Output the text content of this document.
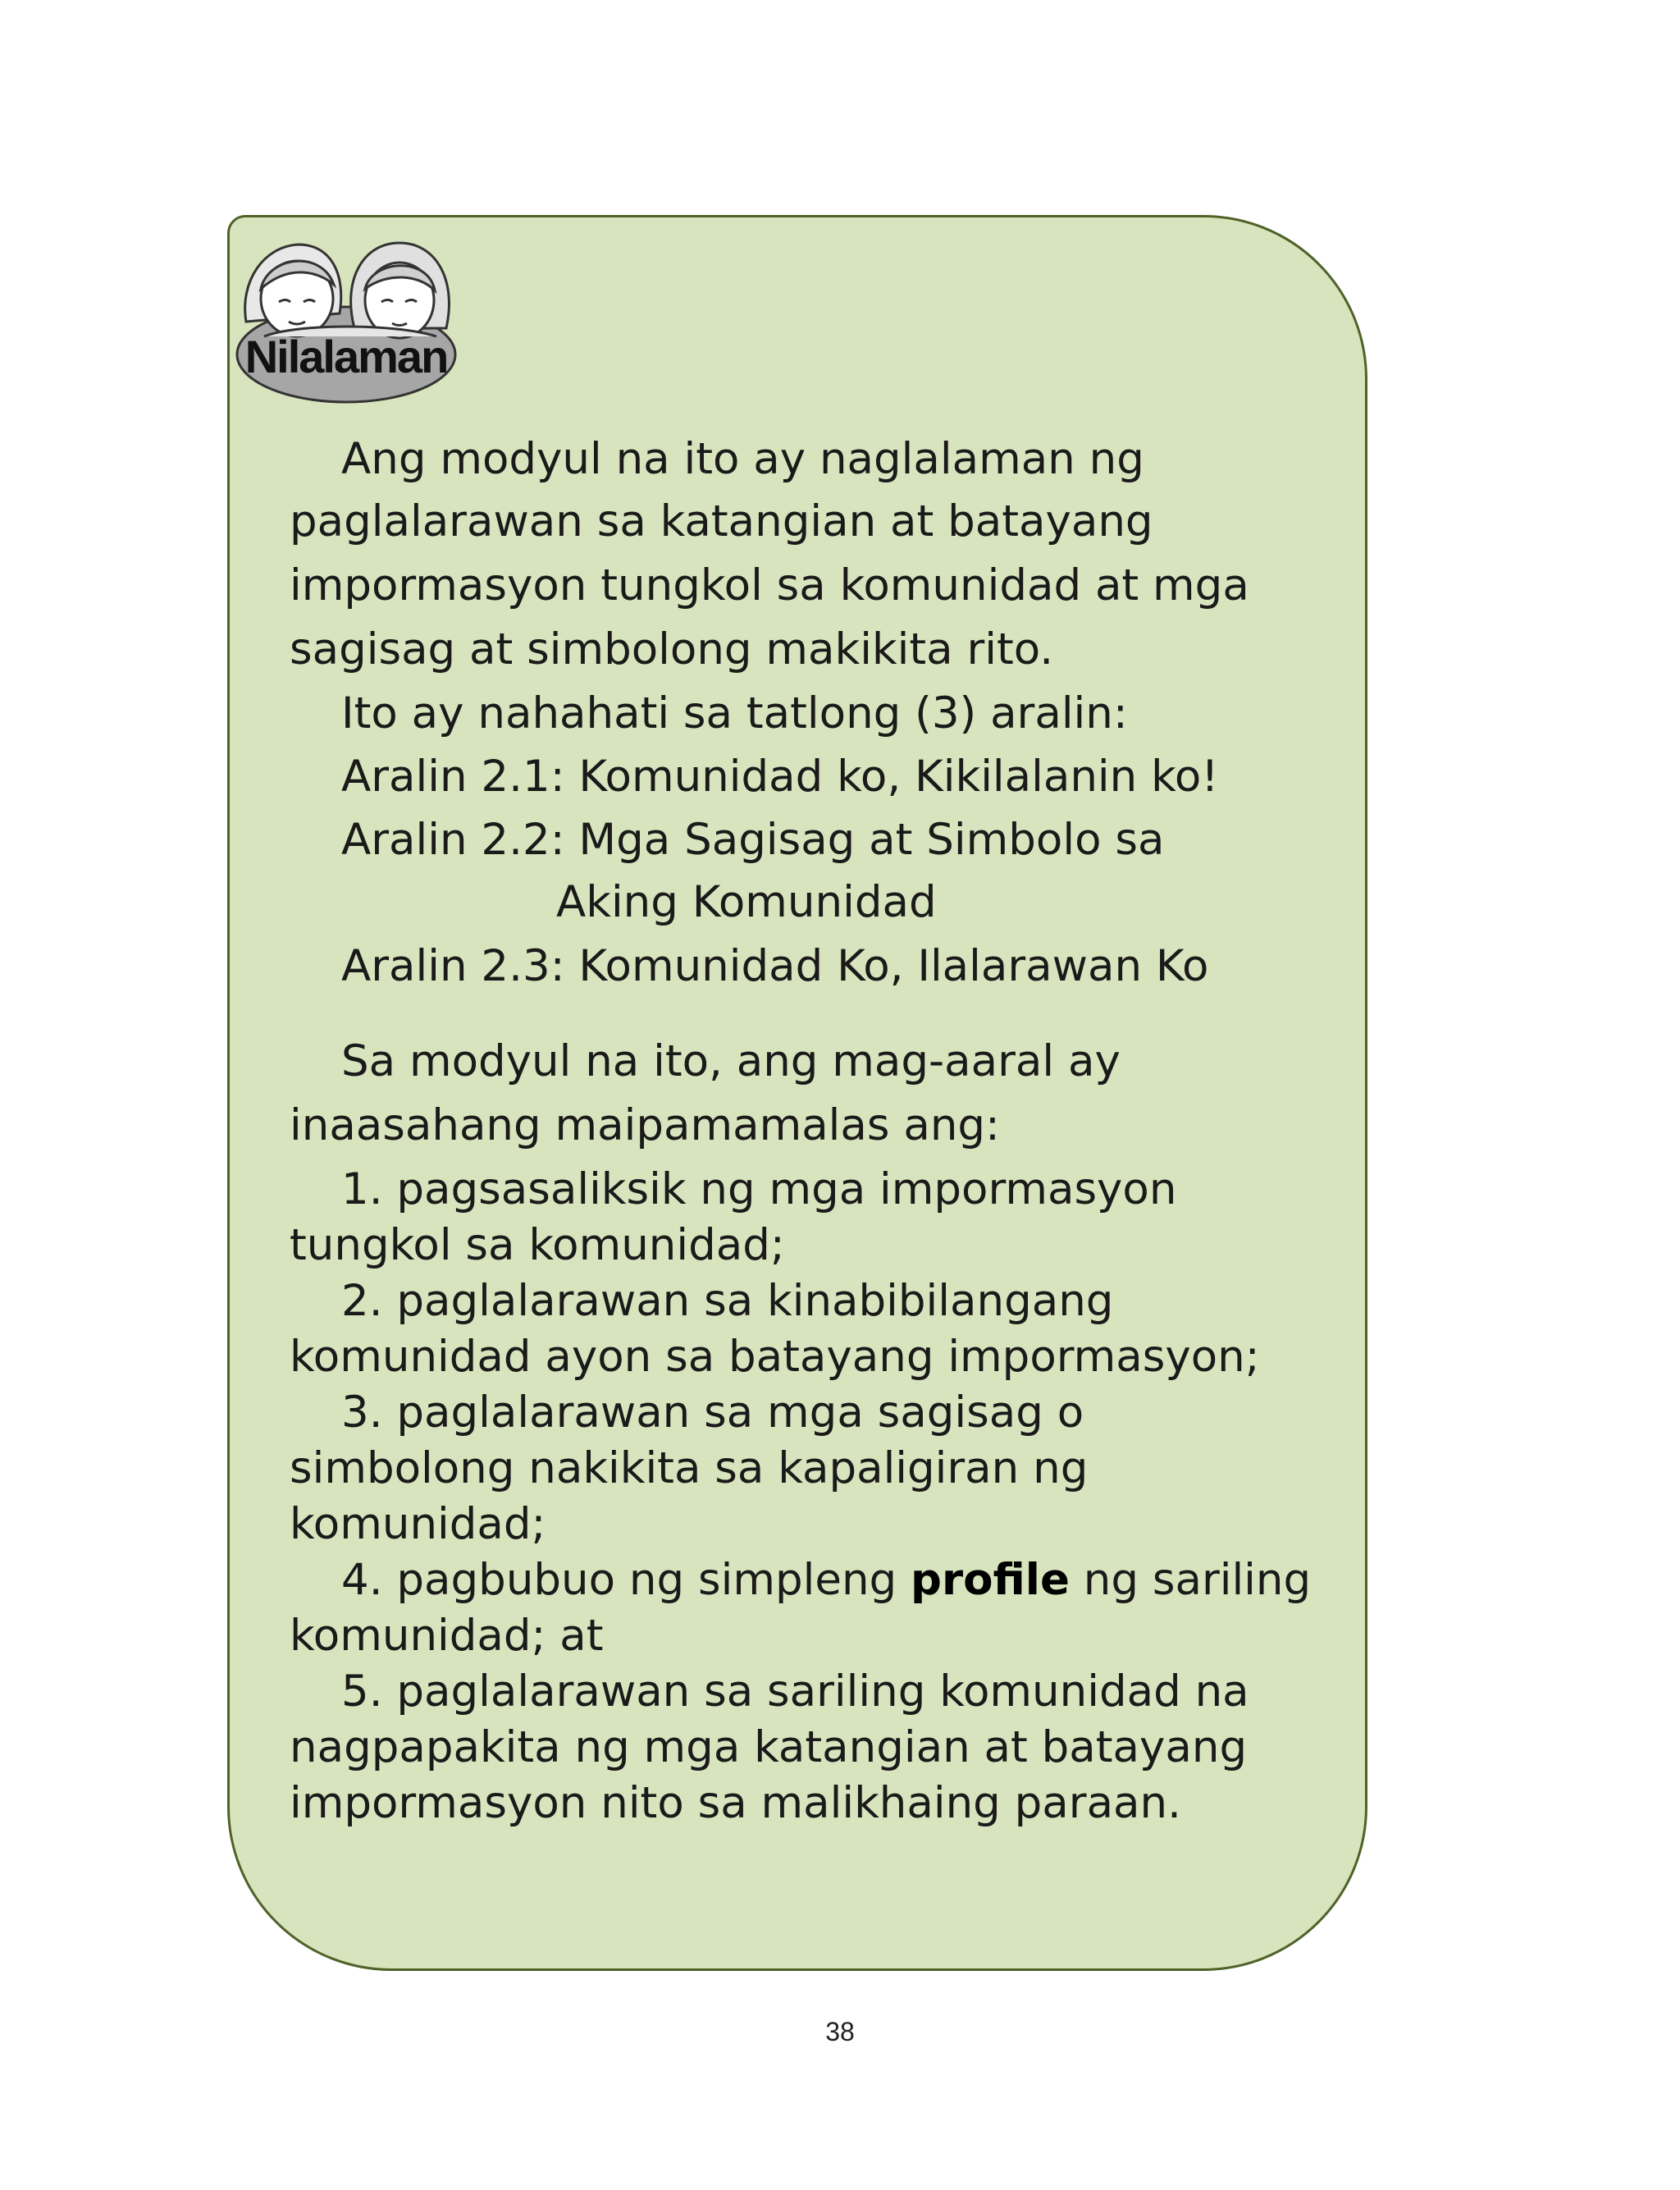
Nilalaman
Ang modyul na ito ay naglalaman ng
paglalarawan sa katangian at batayang
impormasyon tungkol sa komunidad at mga
sagisag at simbolong makikita rito.
Ito ay nahahati sa tatlong (3) aralin:
Aralin 2.1: Komunidad ko, Kikilalanin ko!
Aralin 2.2: Mga Sagisag at Simbolo sa
Aking Komunidad
Aralin 2.3: Komunidad Ko, Ilalarawan Ko
Sa modyul na ito, ang mag-aaral ay
inaasahang maipamamalas ang:
1. pagsasaliksik ng mga impormasyon
tungkol sa komunidad;
2. paglalarawan sa kinabibilangang
komunidad ayon sa batayang impormasyon;
3. paglalarawan sa mga sagisag o
simbolong nakikita sa kapaligiran ng
komunidad;
4. pagbubuo ng simpleng profile ng sariling
komunidad; at
5. paglalarawan sa sariling komunidad na
nagpapakita ng mga katangian at batayang
impormasyon nito sa malikhaing paraan.
38
